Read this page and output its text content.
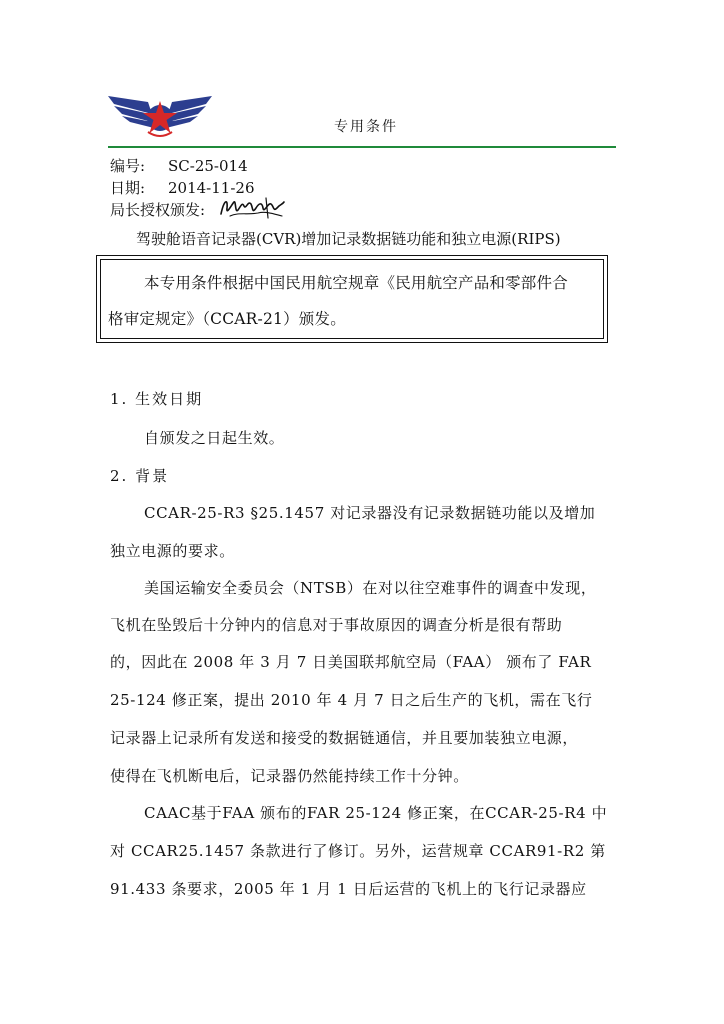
专用条件
编号: SC-25-014
日期: 2014-11-26
局长授权颁发:
驾驶舱语音记录器(CVR)增加记录数据链功能和独立电源(RIPS)
本专用条件根据中国民用航空规章《民用航空产品和零部件合
格审定规定》（CCAR-21）颁发。
1. 生效日期
自颁发之日起生效。
2. 背景
CCAR-25-R3 §25.1457 对记录器没有记录数据链功能以及增加
独立电源的要求。
美国运输安全委员会（NTSB）在对以往空难事件的调查中发现，
飞机在坠毁后十分钟内的信息对于事故原因的调查分析是很有帮助
的，因此在 2008 年 3 月 7 日美国联邦航空局（FAA） 颁布了 FAR
25-124 修正案，提出 2010 年 4 月 7 日之后生产的飞机，需在飞行
记录器上记录所有发送和接受的数据链通信，并且要加装独立电源，
使得在飞机断电后，记录器仍然能持续工作十分钟。
CAAC基于FAA 颁布的FAR 25-124 修正案，在CCAR-25-R4 中
对 CCAR25.1457 条款进行了修订。另外，运营规章 CCAR91-R2 第
91.433 条要求，2005 年 1 月 1 日后运营的飞机上的飞行记录器应
